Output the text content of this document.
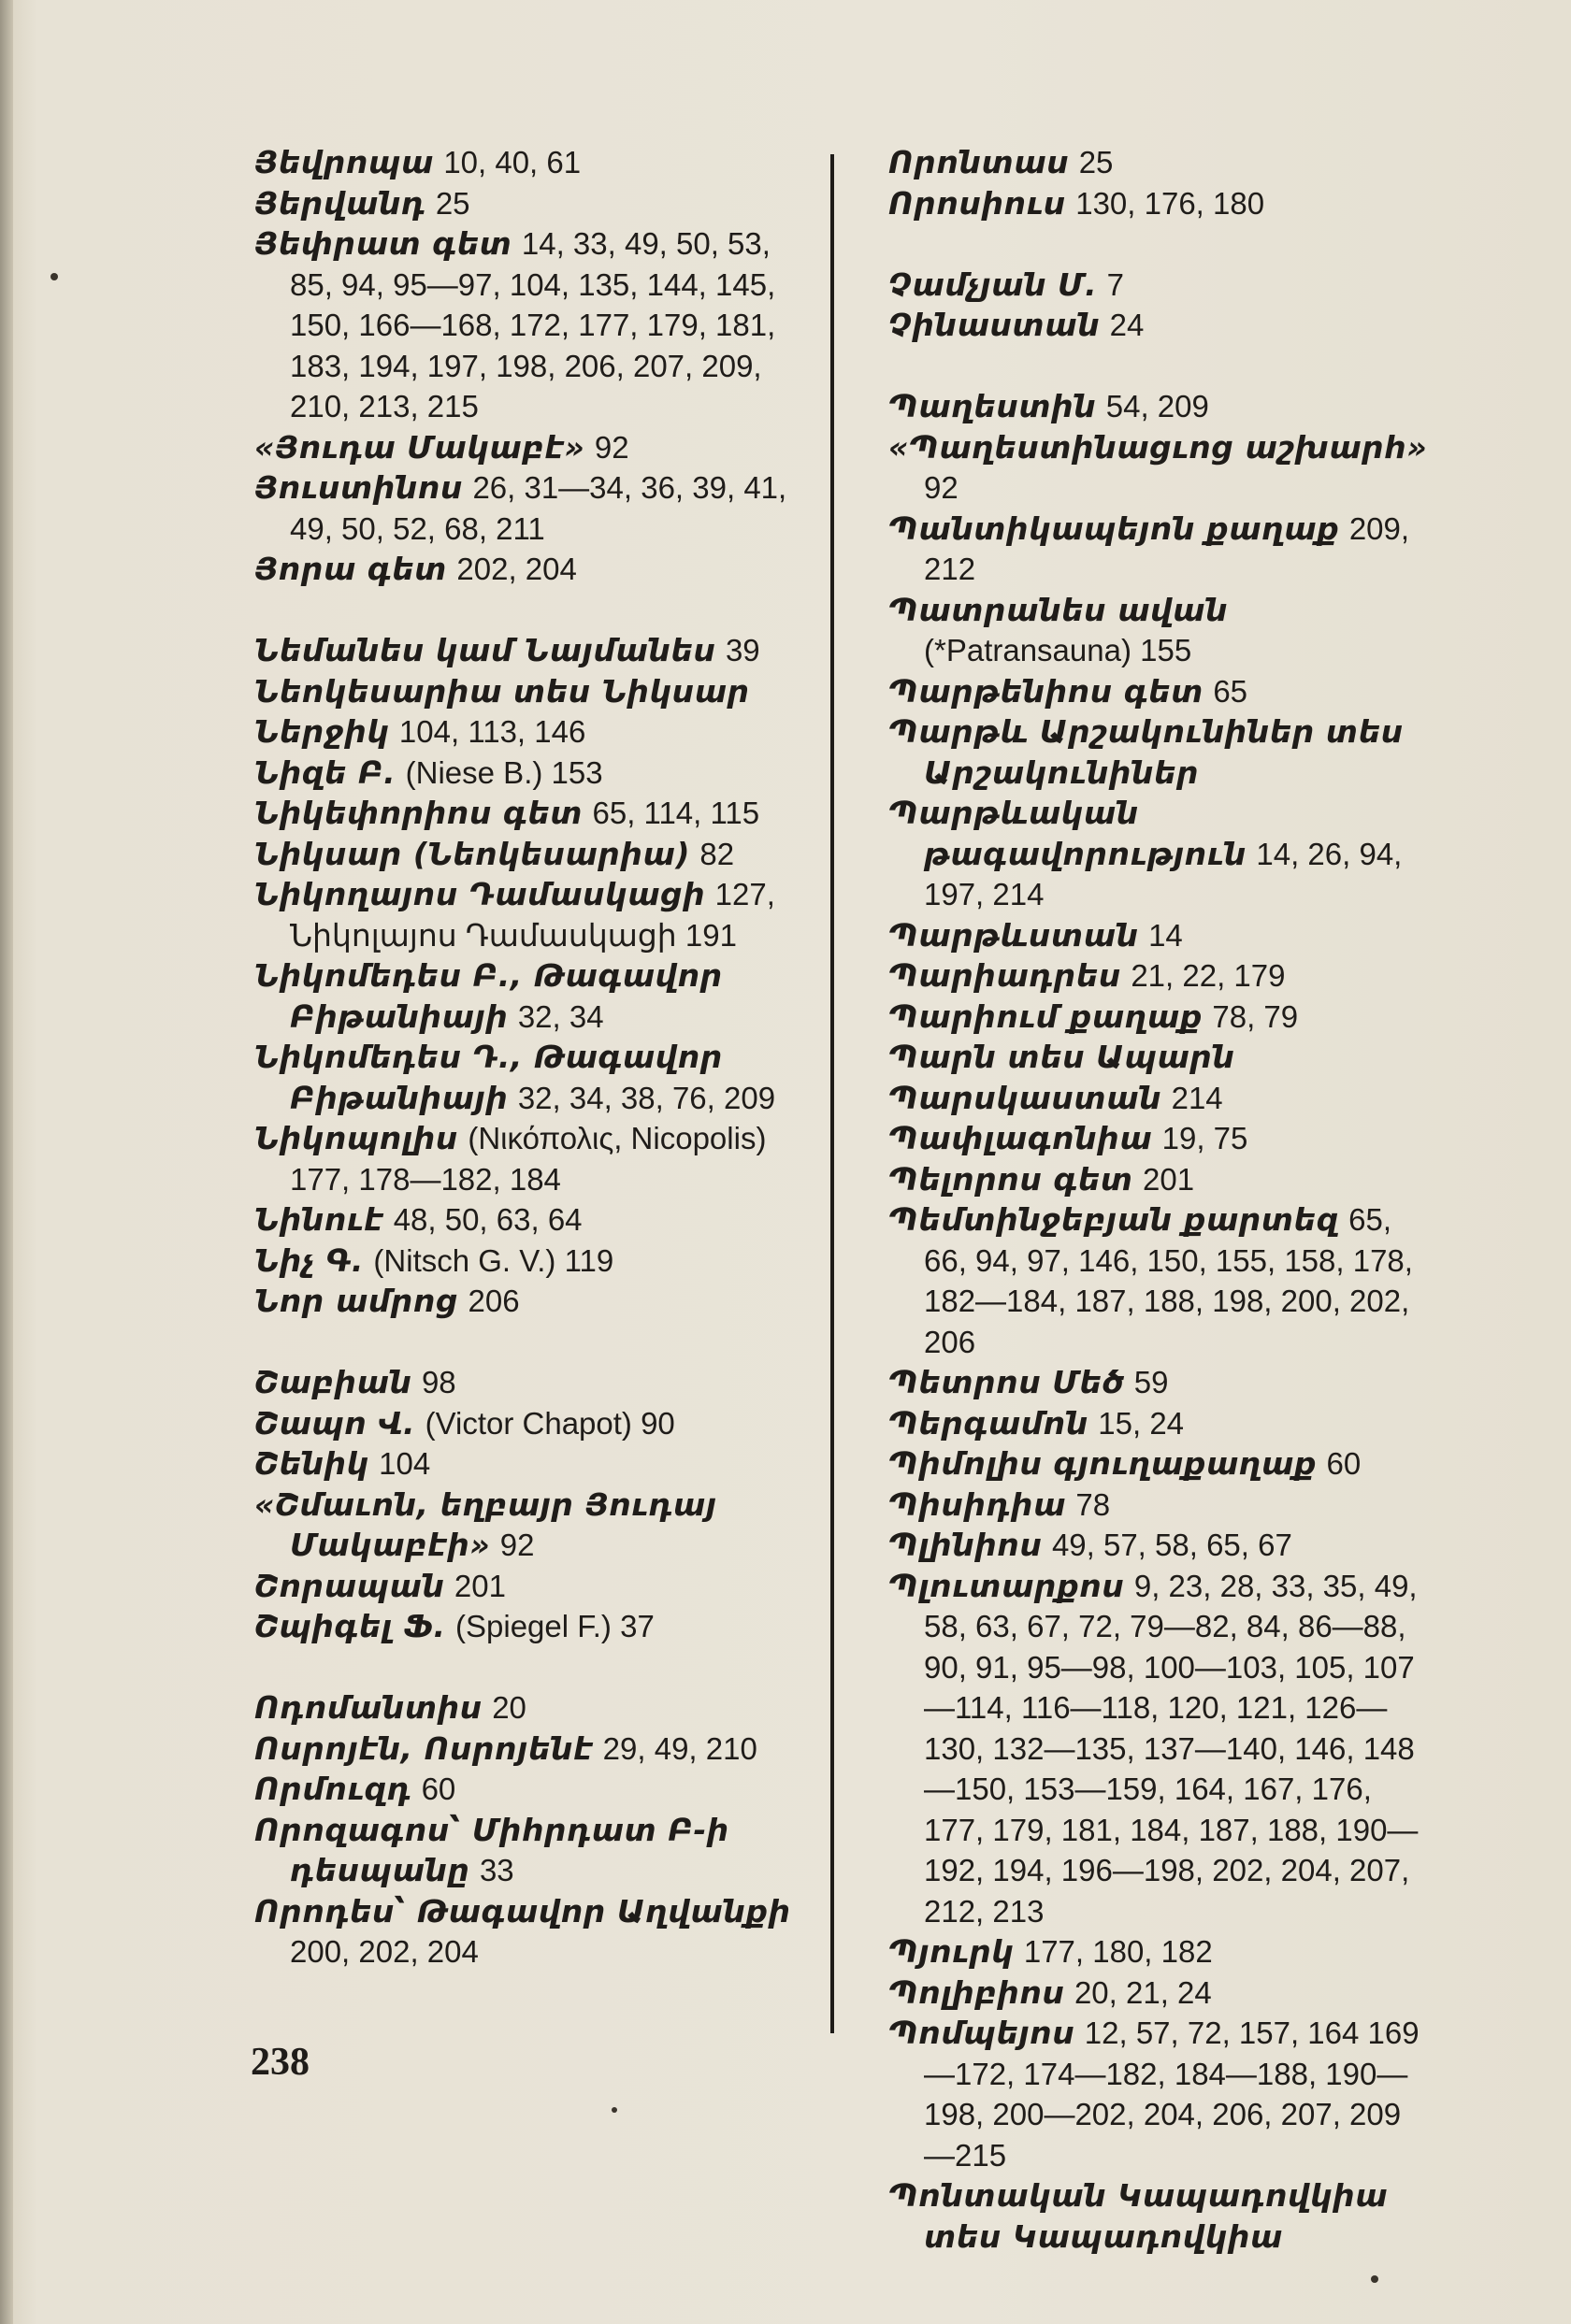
Յեվրոպա 10, 40, 61
Յերվանդ 25
Յեփրատ գետ 14, 33, 49, 50, 53, 85, 94, 95—97, 104, 135, 144, 145, 150, 166—168, 172, 177, 179, 181, 183, 194, 197, 198, 206, 207, 209, 210, 213, 215
«Յուդա Մակաբէ» 92
Յուստինոս 26, 31—34, 36, 39, 41, 49, 50, 52, 68, 211
Յորա գետ 202, 204
Նեմանես կամ Նայմանես 39
Նեոկեսարիա տես Նիկսար
Ներջիկ 104, 113, 146
Նիզե Բ. (Niese B.) 153
Նիկեփորիոս գետ 65, 114, 115
Նիկսար (Նեոկեսարիա) 82
Նիկողայոս Դամասկացի 127, Նիկոլայոս Դամասկացի 191
Նիկոմեդես Բ., Թագավոր Բիթանիայի 32, 34
Նիկոմեդես Դ., Թագավոր Բիթանիայի 32, 34, 38, 76, 209
Նիկոպոլիս (Νικόπολις, Nicopolis) 177, 178—182, 184
Նինուէ 48, 50, 63, 64
Նիչ Գ. (Nitsch G. V.) 119
Նոր ամրոց 206
Շաբիան 98
Շապո Վ. (Victor Chapot) 90
Շենիկ 104
«Շմաւոն, եղբայր Յուդայ Մակաբէի» 92
Շորապան 201
Շպիգել Ֆ. (Spiegel F.) 37
Ոդոմանտիս 20
Ոսրոյէն, Ոսրոյենէ 29, 49, 210
Որմուզդ 60
Որոզագոս՝ Միհրդատ Բ-ի դեսպանը 33
Որոդես՝ Թագավոր Աղվանքի 200, 202, 204
Որոնտաս 25
Որոսիուս 130, 176, 180
Չամչյան Մ. 7
Չինաստան 24
Պաղեստին 54, 209
«Պաղեստինացւոց աշխարհ» 92
Պանտիկապեյոն քաղաք 209, 212
Պատրանես ավան (*Patransauna) 155
Պարթենիոս գետ 65
Պարթև Արշակունիներ տես Արշակունիներ
Պարթևական թագավորություն 14, 26, 94, 197, 214
Պարթևստան 14
Պարիադրես 21, 22, 179
Պարիում քաղաք 78, 79
Պարն տես Ապարն
Պարսկաստան 214
Պափլագոնիա 19, 75
Պելորոս գետ 201
Պեմտինջեբյան քարտեզ 65, 66, 94, 97, 146, 150, 155, 158, 178, 182—184, 187, 188, 198, 200, 202, 206
Պետրոս Մեծ 59
Պերգամոն 15, 24
Պիմոլիս գյուղաքաղաք 60
Պիսիդիա 78
Պլինիոս 49, 57, 58, 65, 67
Պլուտարքոս 9, 23, 28, 33, 35, 49, 58, 63, 67, 72, 79—82, 84, 86—88, 90, 91, 95—98, 100—103, 105, 107—114, 116—118, 120, 121, 126—130, 132—135, 137—140, 146, 148—150, 153—159, 164, 167, 176, 177, 179, 181, 184, 187, 188, 190—192, 194, 196—198, 202, 204, 207, 212, 213
Պյուրկ 177, 180, 182
Պոլիբիոս 20, 21, 24
Պոմպեյոս 12, 57, 72, 157, 164 169—172, 174—182, 184—188, 190—198, 200—202, 204, 206, 207, 209—215
Պոնտական Կապադովկիա տես Կապադովկիա
238
